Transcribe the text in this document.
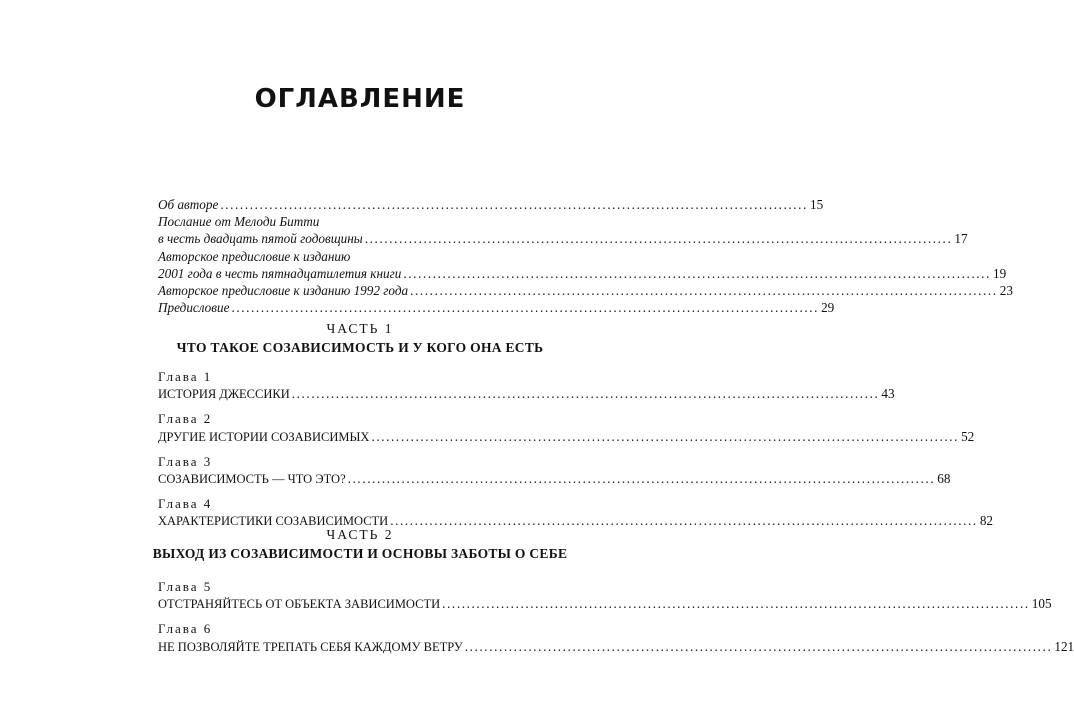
ОГЛАВЛЕНИЕ
Об авторе ........................................................................................................................ 15
Послание от Мелоди Битти
в честь двадцать пятой годовщины ........................................................................................................................ 17
Авторское предисловие к изданию
2001 года в честь пятнадцатилетия книги ........................................................................................................................ 19
Авторское предисловие к изданию 1992 года ........................................................................................................................ 23
Предисловие ........................................................................................................................ 29
ЧАСТЬ 1
ЧТО ТАКОЕ СОЗАВИСИМОСТЬ И У КОГО ОНА ЕСТЬ
Глава 1
ИСТОРИЯ ДЖЕССИКИ ........................................................................................................................ 43
Глава 2
ДРУГИЕ ИСТОРИИ СОЗАВИСИМЫХ ........................................................................................................................ 52
Глава 3
СОЗАВИСИМОСТЬ — ЧТО ЭТО? ........................................................................................................................ 68
Глава 4
ХАРАКТЕРИСТИКИ СОЗАВИСИМОСТИ ........................................................................................................................ 82
ЧАСТЬ 2
ВЫХОД ИЗ СОЗАВИСИМОСТИ И ОСНОВЫ ЗАБОТЫ О СЕБЕ
Глава 5
ОТСТРАНЯЙТЕСЬ ОТ ОБЪЕКТА ЗАВИСИМОСТИ ........................................................................................................................ 105
Глава 6
НЕ ПОЗВОЛЯЙТЕ ТРЕПАТЬ СЕБЯ КАЖДОМУ ВЕТРУ ........................................................................................................................ 121
